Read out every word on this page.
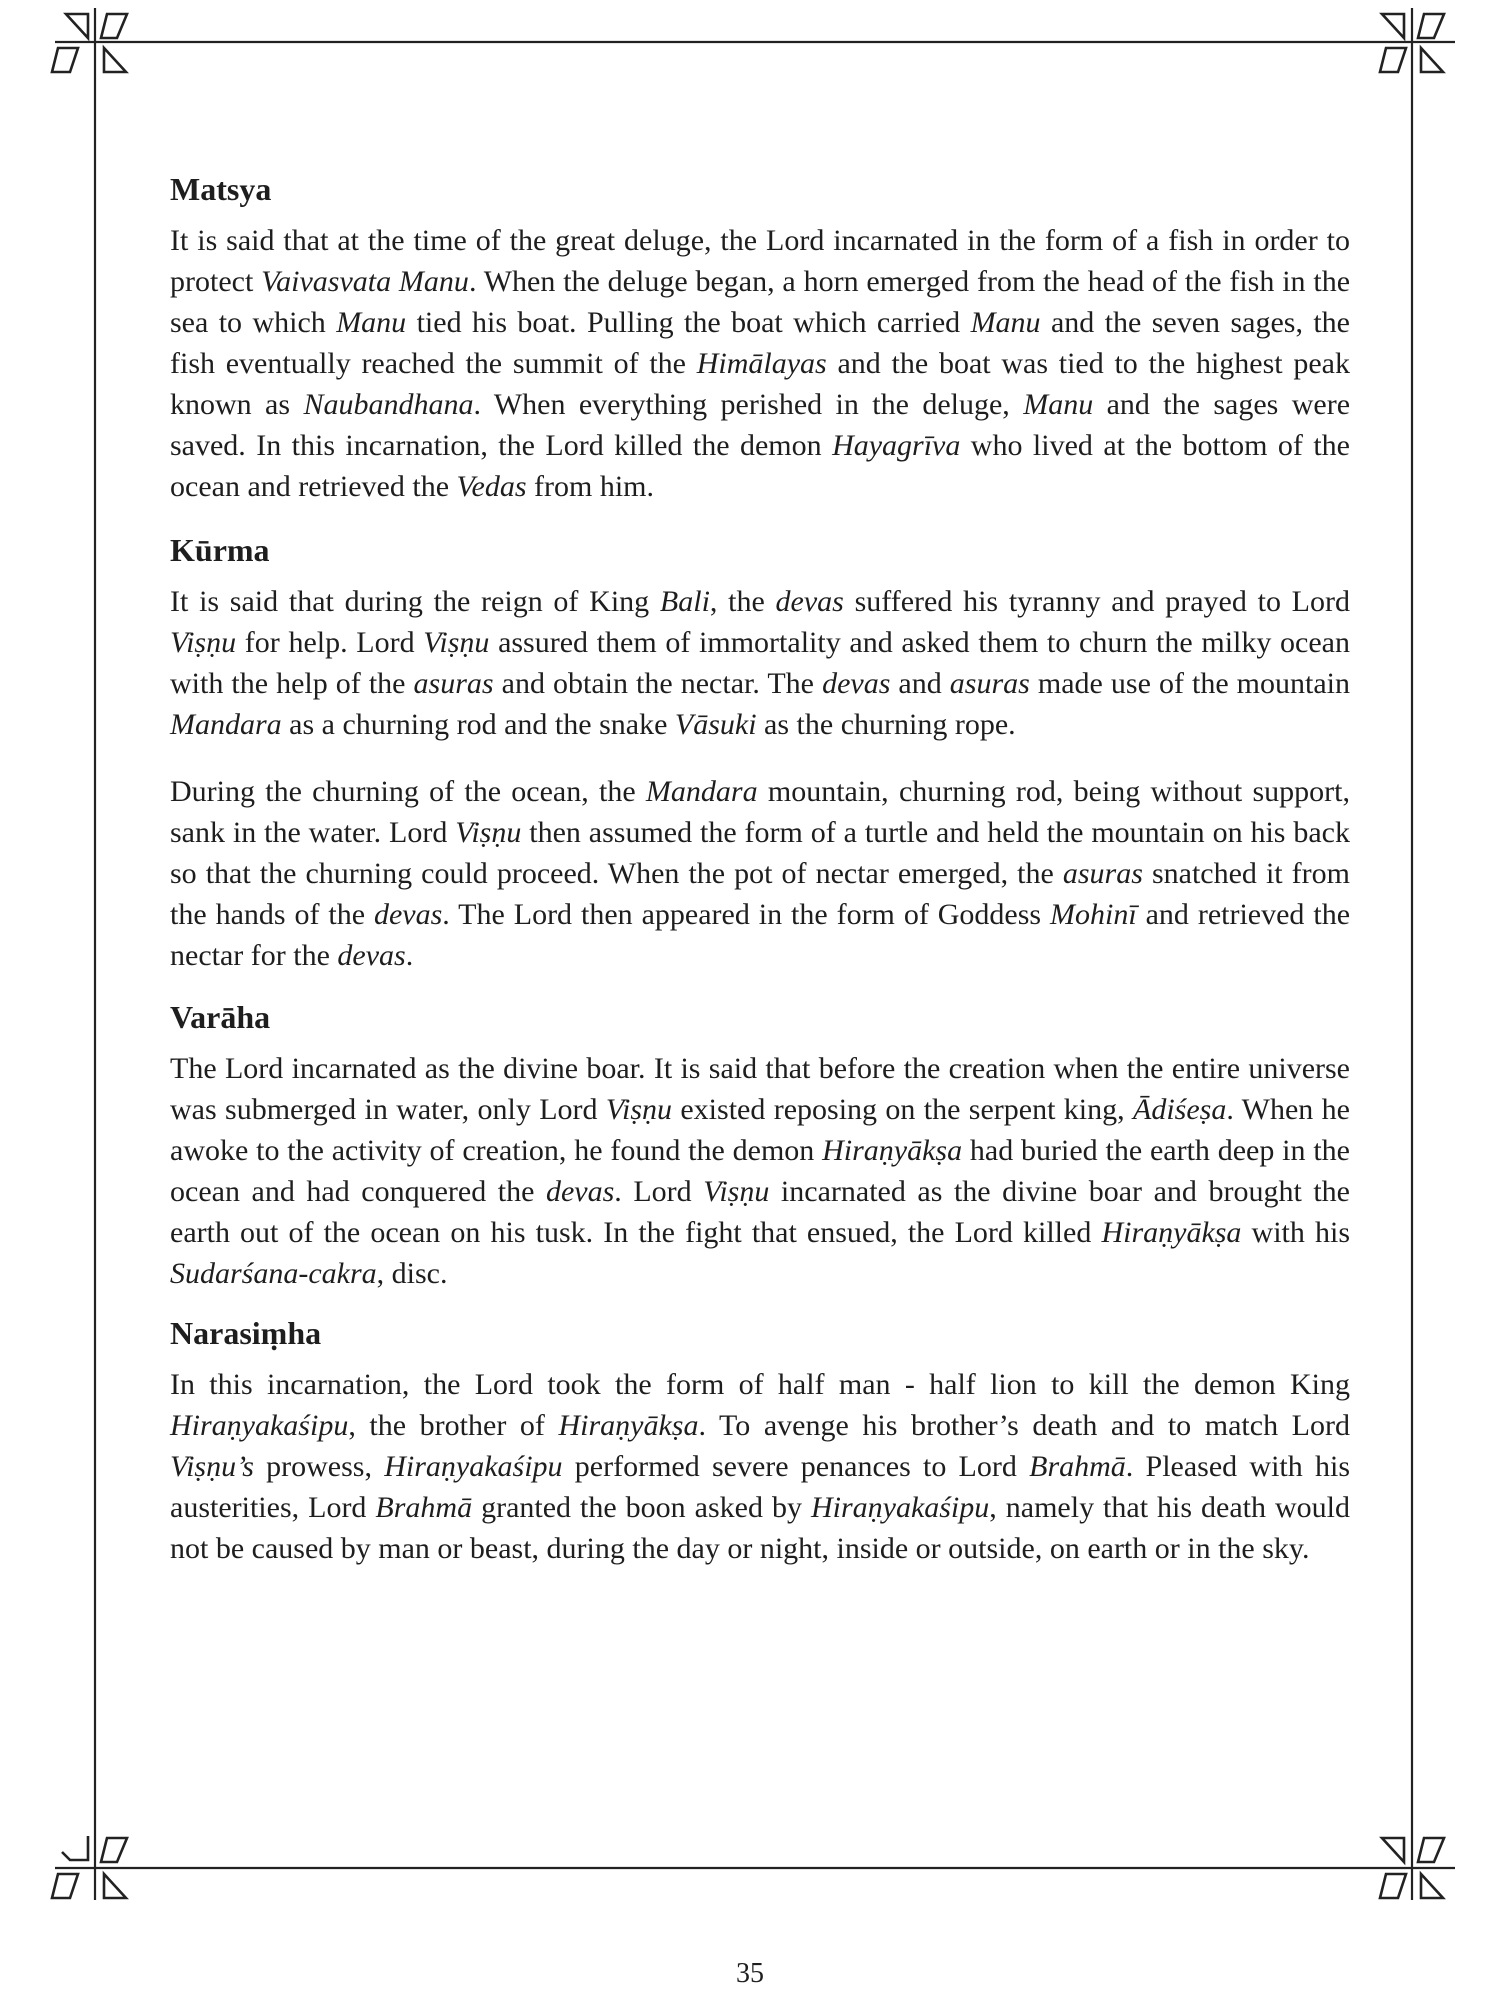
Matsya

It is said that at the time of the great deluge, the Lord incarnated in the form of a fish in order to protect Vaivasvata Manu. When the deluge began, a horn emerged from the head of the fish in the sea to which Manu tied his boat. Pulling the boat which carried Manu and the seven sages, the fish eventually reached the summit of the Himālayas and the boat was tied to the highest peak known as Naubandhana. When everything perished in the deluge, Manu and the sages were saved. In this incarnation, the Lord killed the demon Hayagrīva who lived at the bottom of the ocean and retrieved the Vedas from him.

Kūrma

It is said that during the reign of King Bali, the devas suffered his tyranny and prayed to Lord Viṣṇu for help. Lord Viṣṇu assured them of immortality and asked them to churn the milky ocean with the help of the asuras and obtain the nectar. The devas and asuras made use of the mountain Mandara as a churning rod and the snake Vāsuki as the churning rope.

During the churning of the ocean, the Mandara mountain, churning rod, being without support, sank in the water. Lord Viṣṇu then assumed the form of a turtle and held the mountain on his back so that the churning could proceed. When the pot of nectar emerged, the asuras snatched it from the hands of the devas. The Lord then appeared in the form of Goddess Mohinī and retrieved the nectar for the devas.

Varāha

The Lord incarnated as the divine boar. It is said that before the creation when the entire universe was submerged in water, only Lord Viṣṇu existed reposing on the serpent king, Ādiśeṣa. When he awoke to the activity of creation, he found the demon Hiraṇyākṣa had buried the earth deep in the ocean and had conquered the devas. Lord Viṣṇu incarnated as the divine boar and brought the earth out of the ocean on his tusk. In the fight that ensued, the Lord killed Hiraṇyākṣa with his Sudarśana-cakra, disc.

Narasiṃha

In this incarnation, the Lord took the form of half man - half lion to kill the demon King Hiraṇyakaśipu, the brother of Hiraṇyākṣa. To avenge his brother’s death and to match Lord Viṣṇu’s prowess, Hiraṇyakaśipu performed severe penances to Lord Brahmā. Pleased with his austerities, Lord Brahmā granted the boon asked by Hiraṇyakaśipu, namely that his death would not be caused by man or beast, during the day or night, inside or outside, on earth or in the sky.

35
